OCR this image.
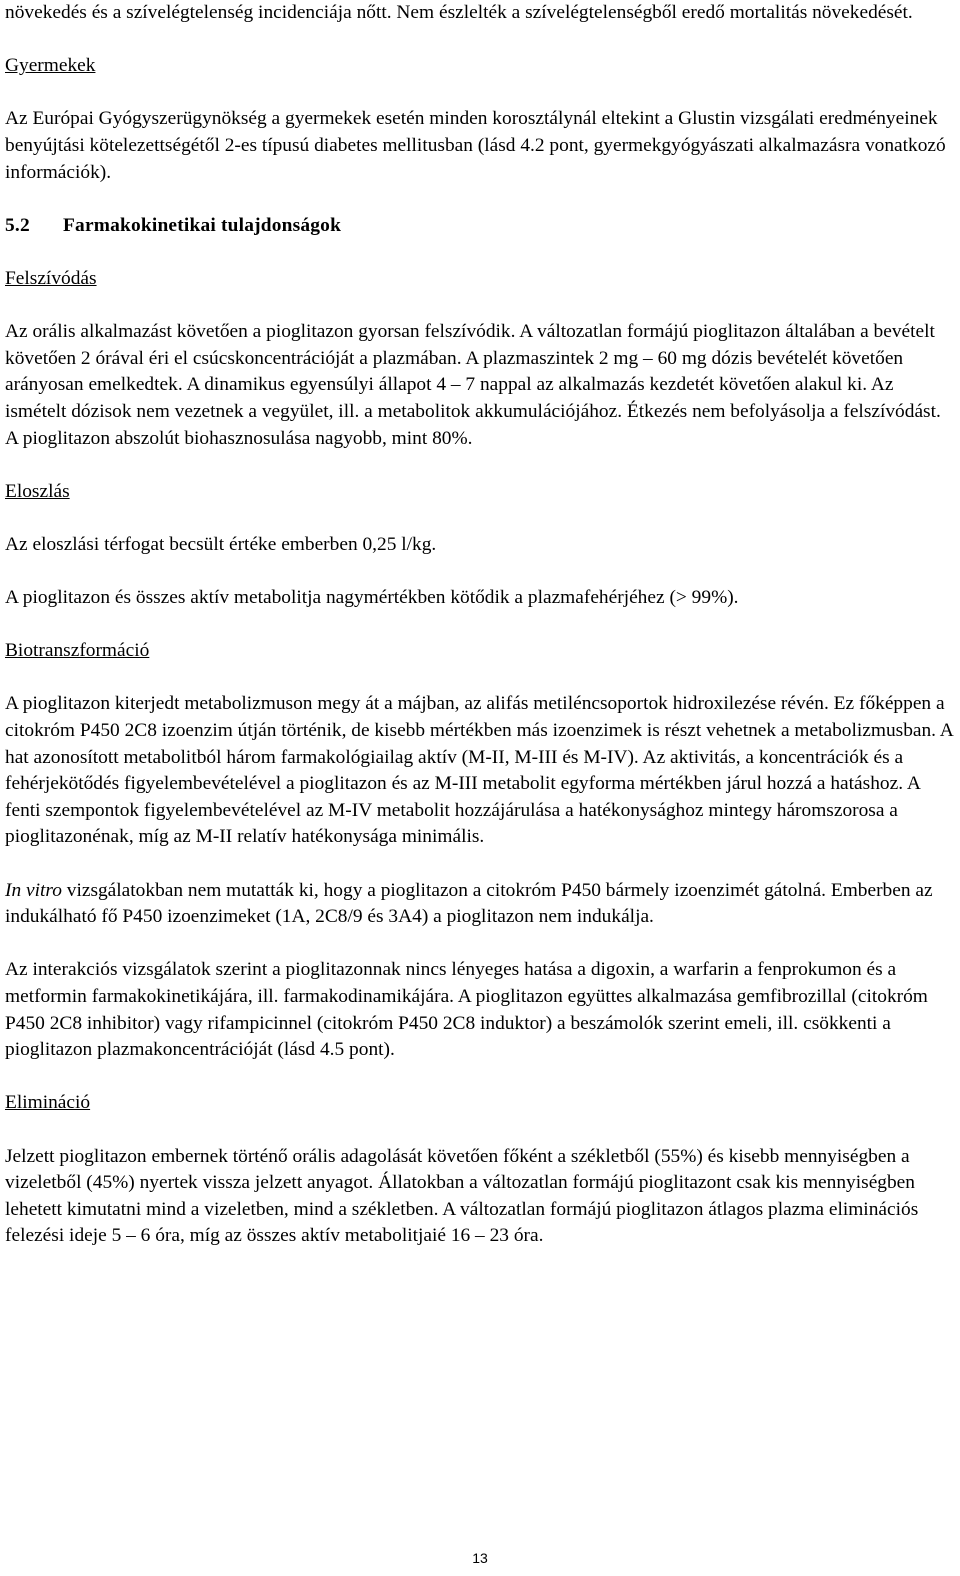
növekedés és a szívelégtelenség incidenciája nőtt. Nem észlelték a szívelégtelenségből eredő mortalitás növekedését.

Gyermekek

Az Európai Gyógyszerügynökség a gyermekek esetén minden korosztálynál eltekint a Glustin vizsgálati eredményeinek benyújtási kötelezettségétől 2-es típusú diabetes mellitusban (lásd 4.2 pont, gyermekgyógyászati alkalmazásra vonatkozó információk).

5.2 Farmakokinetikai tulajdonságok

Felszívódás

Az orális alkalmazást követően a pioglitazon gyorsan felszívódik. A változatlan formájú pioglitazon általában a bevételt követően 2 órával éri el csúcskoncentrációját a plazmában. A plazmaszintek 2 mg – 60 mg dózis bevételét követően arányosan emelkedtek. A dinamikus egyensúlyi állapot 4 – 7 nappal az alkalmazás kezdetét követően alakul ki. Az ismételt dózisok nem vezetnek a vegyület, ill. a metabolitok akkumulációjához. Étkezés nem befolyásolja a felszívódást. A pioglitazon abszolút biohasznosulása nagyobb, mint 80%.

Eloszlás

Az eloszlási térfogat becsült értéke emberben 0,25 l/kg.

A pioglitazon és összes aktív metabolitja nagymértékben kötődik a plazmafehérjéhez (> 99%).

Biotranszformáció

A pioglitazon kiterjedt metabolizmuson megy át a májban, az alifás metiléncsoportok hidroxilezése révén. Ez főképpen a citokróm P450 2C8 izoenzim útján történik, de kisebb mértékben más izoenzimek is részt vehetnek a metabolizmusban. A hat azonosított metabolitból három farmakológiailag aktív (M-II, M-III és M-IV). Az aktivitás, a koncentrációk és a fehérjekötődés figyelembevételével a pioglitazon és az M-III metabolit egyforma mértékben járul hozzá a hatáshoz. A fenti szempontok figyelembevételével az M-IV metabolit hozzájárulása a hatékonysághoz mintegy háromszorosa a pioglitazonénak, míg az M-II relatív hatékonysága minimális.

In vitro vizsgálatokban nem mutatták ki, hogy a pioglitazon a citokróm P450 bármely izoenzimét gátolná. Emberben az indukálható fő P450 izoenzimeket (1A, 2C8/9 és 3A4) a pioglitazon nem indukálja.

Az interakciós vizsgálatok szerint a pioglitazonnak nincs lényeges hatása a digoxin, a warfarin a fenprokumon és a metformin farmakokinetikájára, ill. farmakodinamikájára. A pioglitazon együttes alkalmazása gemfibrozillal (citokróm P450 2C8 inhibitor) vagy rifampicinnel (citokróm P450 2C8 induktor) a beszámolók szerint emeli, ill. csökkenti a pioglitazon plazmakoncentrációját (lásd 4.5 pont).

Elimináció

Jelzett pioglitazon embernek történő orális adagolását követően főként a székletből (55%) és kisebb mennyiségben a vizeletből (45%) nyertek vissza jelzett anyagot. Állatokban a változatlan formájú pioglitazont csak kis mennyiségben lehetett kimutatni mind a vizeletben, mind a székletben. A változatlan formájú pioglitazon átlagos plazma eliminációs felezési ideje 5 – 6 óra, míg az összes aktív metabolitjaié 16 – 23 óra.

13
